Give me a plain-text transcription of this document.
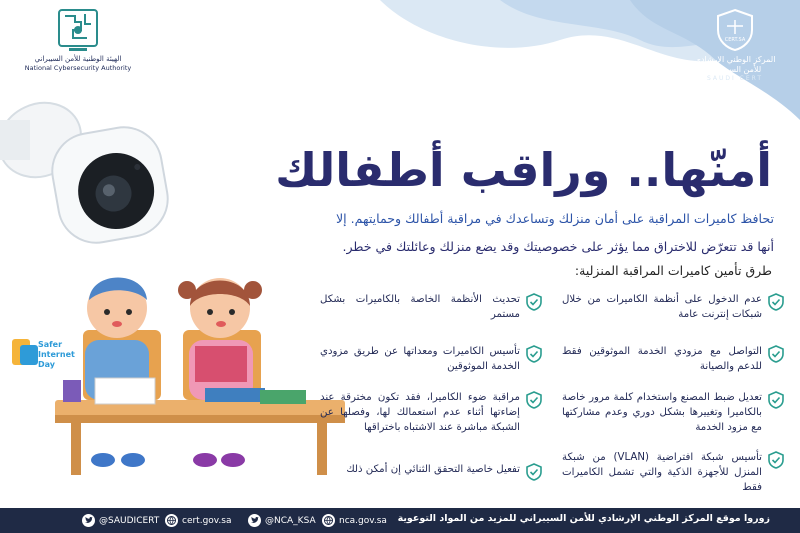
الهيئة الوطنية للأمن السيبراني
National Cybersecurity Authority
CERT.SA
المركز الوطني الإرشادي
للأمن السيبراني
SAUDI CERT
Safer
Internet
Day
أمنّها.. وراقب أطفالك
تحافظ كاميرات المراقبة على أمان منزلك وتساعدك في مراقبة أطفالك وحمايتهم. إلا
أنها قد تتعرّض للاختراق مما يؤثر على خصوصيتك وقد يضع منزلك وعائلتك في خطر.
طرق تأمين كاميرات المراقبة المنزلية:
عدم الدخول على أنظمة الكاميرات من خلال شبكات إنترنت عامة
التواصل مع مزودي الخدمة الموثوقين فقط للدعم والصيانة
تعديل ضبط المصنع واستخدام كلمة مرور خاصة بالكاميرا وتغييرها بشكل دوري وعدم مشاركتها مع مزود الخدمة
تأسيس شبكة افتراضية (VLAN) من شبكة المنزل للأجهزة الذكية والتي تشمل الكاميرات فقط
تحديث الأنظمة الخاصة بالكاميرات بشكل مستمر
تأسيس الكاميرات ومعداتها عن طريق مزودي الخدمة الموثوقين
مراقبة ضوء الكاميرا، فقد تكون مخترقة عند إضاءتها أثناء عدم استعمالك لها، وفصلها عن الشبكة مباشرة عند الاشتباه باختراقها
تفعيل خاصية التحقق الثنائي إن أمكن ذلك
@SAUDICERT	cert.gov.sa	@NCA_KSA	nca.gov.sa زوروا موقع المركز الوطني الإرشادي للأمن السيبراني للمزيد من المواد التوعوية
